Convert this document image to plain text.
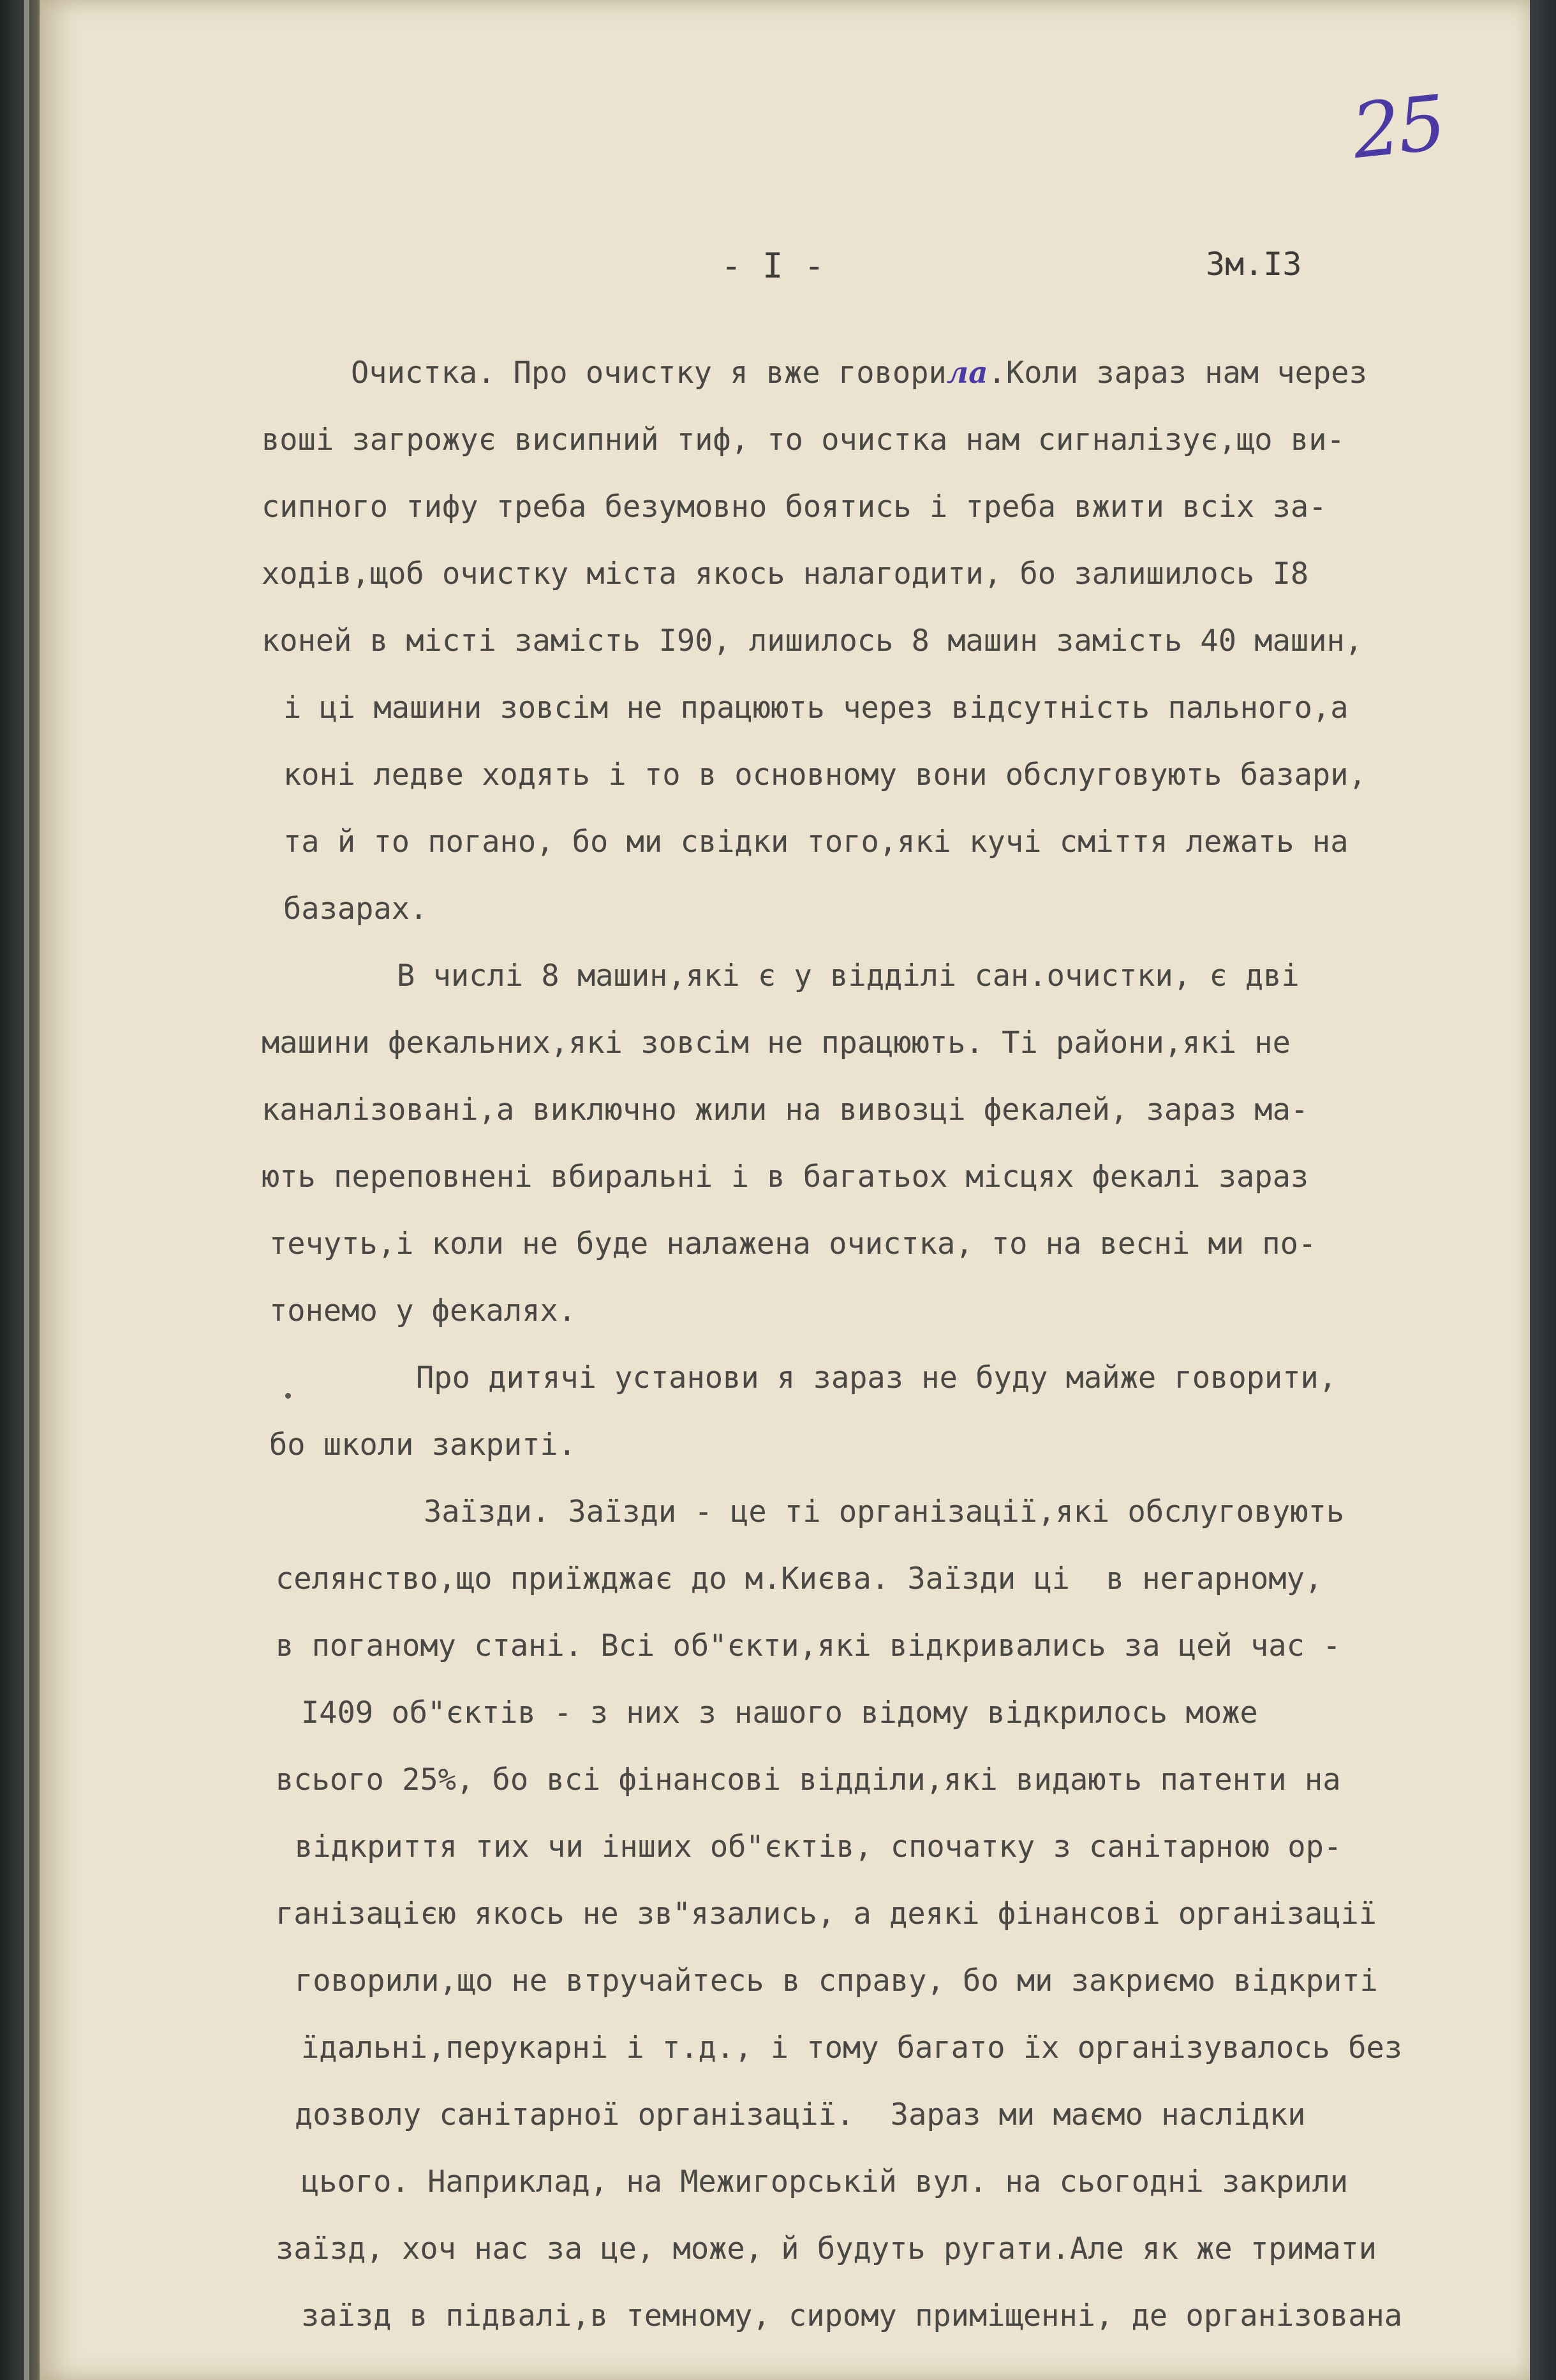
25
- I -	Зм.I3
Очистка. Про очистку я вже говорила.Коли зараз нам через
воші загрожує висипний тиф, то очистка нам сигналізує,що ви-
сипного тифу треба безумовно боятись і треба вжити всіх за-
ходів,щоб очистку міста якось налагодити, бо залишилось I8
коней в місті замість I90, лишилось 8 машин замість 40 машин,
і ці машини зовсім не працюють через відсутність пального,а
коні ледве ходять і то в основному вони обслуговують базари,
та й то погано, бо ми свідки того,які кучі сміття лежать на
базарах.
В числі 8 машин,які є у відділі сан.очистки, є дві
машини фекальних,які зовсім не працюють. Ті райони,які не
каналізовані,а виключно жили на вивозці фекалей, зараз ма-
ють переповнені вбиральні і в багатьох місцях фекалі зараз
течуть,і коли не буде налажена очистка, то на весні ми по-
тонемо у фекалях.
Про дитячі установи я зараз не буду майже говорити,
бо школи закриті.
Заїзди. Заїзди - це ті організації,які обслуговують
селянство,що приїжджає до м.Києва. Заїзди ці  в негарному,
в поганому стані. Всі об"єкти,які відкривались за цей час -
I409 об"єктів - з них з нашого відому відкрилось може
всього 25%, бо всі фінансові відділи,які видають патенти на
відкриття тих чи інших об"єктів, спочатку з санітарною ор-
ганізацією якось не зв"язались, а деякі фінансові організації
говорили,що не втручайтесь в справу, бо ми закриємо відкриті
їдальні,перукарні і т.д., і тому багато їх організувалось без
дозволу санітарної організації.  Зараз ми маємо наслідки
цього. Наприклад, на Межигорській вул. на сьогодні закрили
заїзд, хоч нас за це, може, й будуть ругати.Але як же тримати
заїзд в підвалі,в темному, сирому приміщенні, де організована
